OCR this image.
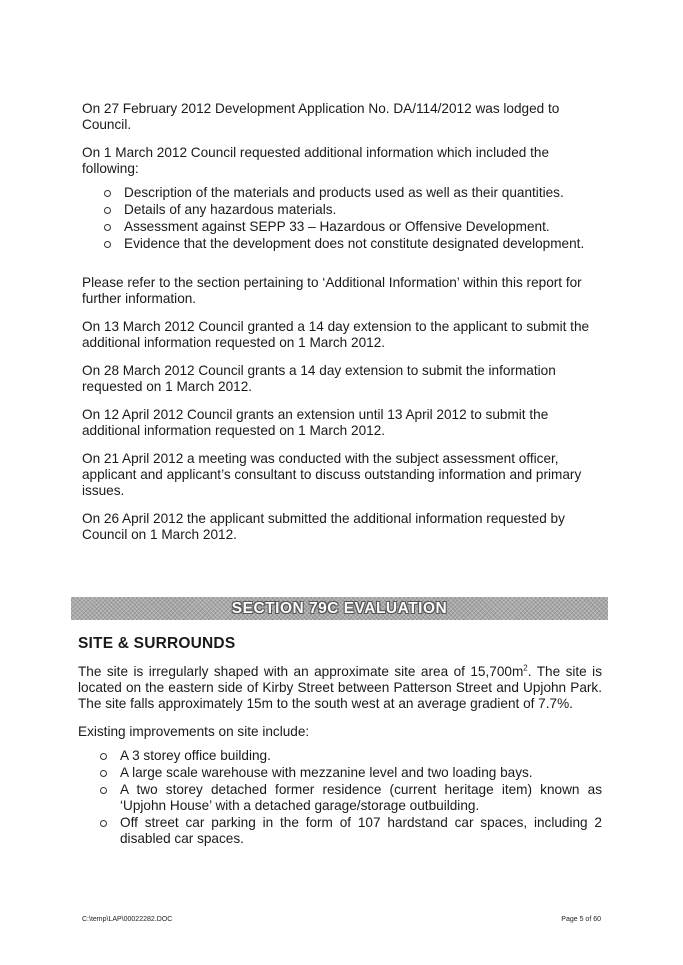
On 27 February 2012 Development Application No. DA/114/2012 was lodged to Council.

On 1 March 2012 Council requested additional information which included the following:

Description of the materials and products used as well as their quantities.
Details of any hazardous materials.
Assessment against SEPP 33 – Hazardous or Offensive Development.
Evidence that the development does not constitute designated development.

Please refer to the section pertaining to ‘Additional Information’ within this report for further information.

On 13 March 2012 Council granted a 14 day extension to the applicant to submit the additional information requested on 1 March 2012.

On 28 March 2012 Council grants a 14 day extension to submit the information requested on 1 March 2012.

On 12 April 2012 Council grants an extension until 13 April 2012 to submit the additional information requested on 1 March 2012.

On 21 April 2012 a meeting was conducted with the subject assessment officer, applicant and applicant’s consultant to discuss outstanding information and primary issues.

On 26 April 2012 the applicant submitted the additional information requested by Council on 1 March 2012.

SECTION 79C EVALUATION
SITE & SURROUNDS

The site is irregularly shaped with an approximate site area of $15,700m^2$. The site is located on the eastern side of Kirby Street between Patterson Street and Upjohn Park. The site falls approximately 15m to the south west at an average gradient of 7.7%.

Existing improvements on site include:

A 3 storey office building.
A large scale warehouse with mezzanine level and two loading bays.
A two storey detached former residence (current heritage item) known as ‘Upjohn House’ with a detached garage/storage outbuilding.
Off street car parking in the form of 107 hardstand car spaces, including 2 disabled car spaces.
C:\temp\LAP\00022282.DOC	Page 5 of 60
